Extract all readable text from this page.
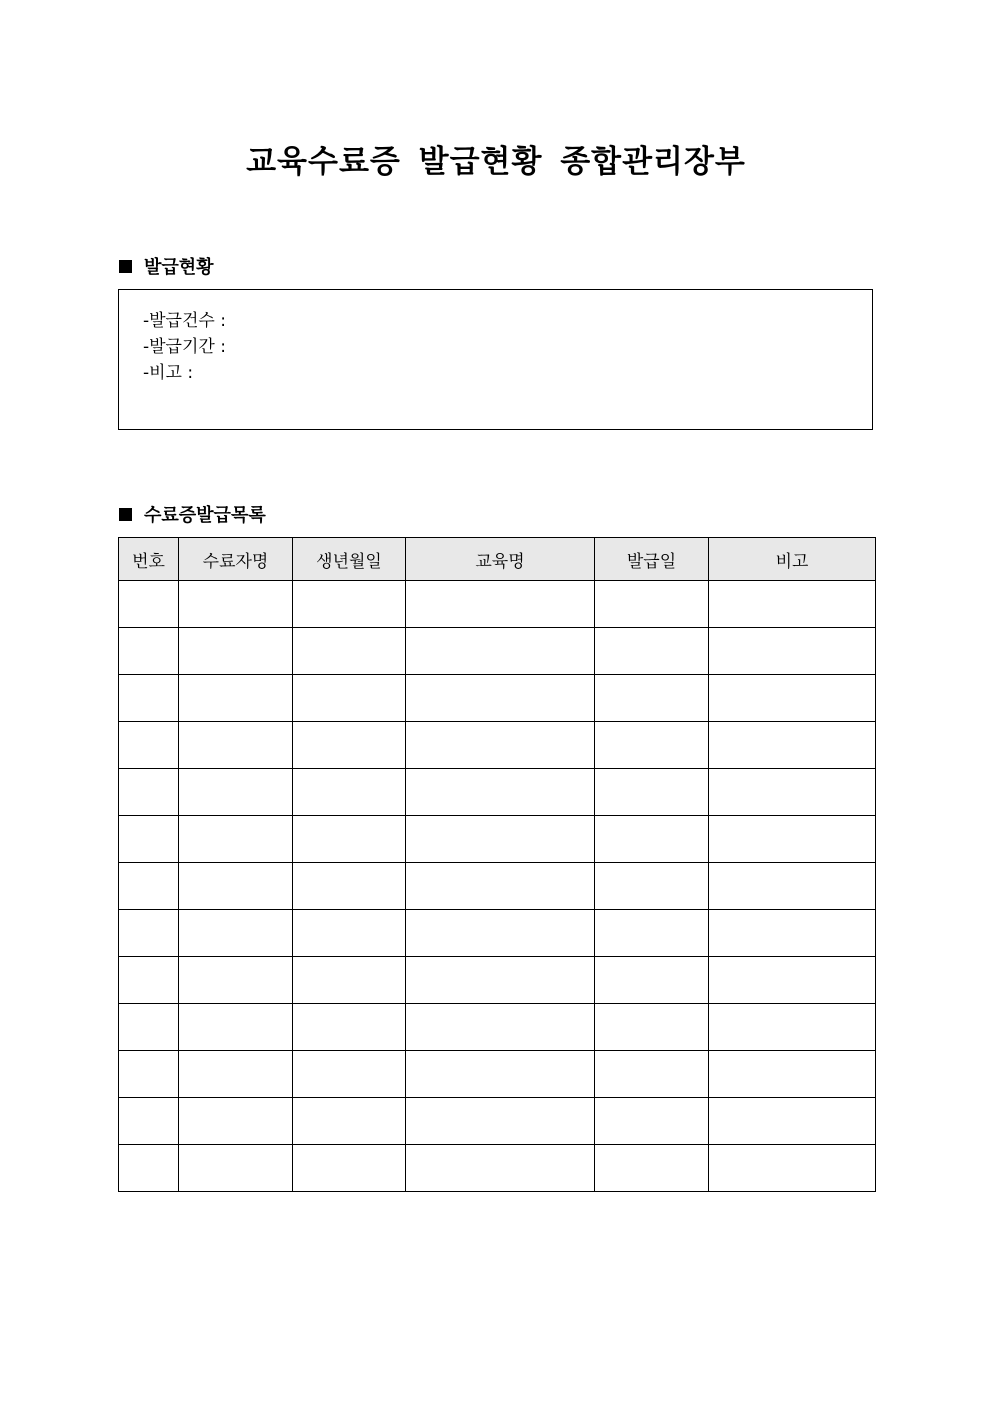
교육수료증 발급현황 종합관리장부
발급현황
-발급건수 :
-발급기간 :
-비고 :
수료증발급목록
번호	수료자명	생년월일	교육명	발급일	비고
